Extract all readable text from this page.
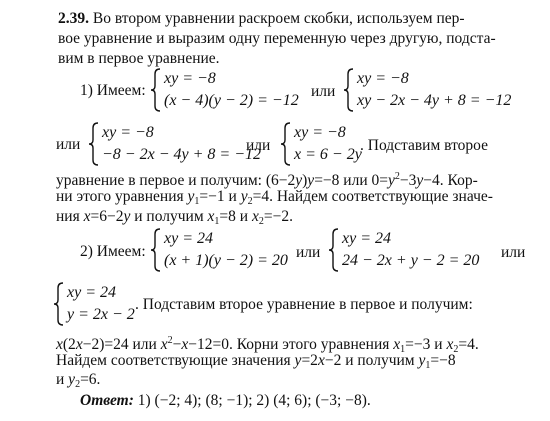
2.39. Во втором уравнении раскроем скобки, используем пер-
вое уравнение и выразим одну переменную через другую, подста-
вим в первое уравнение.
1) Имеем:
xy = −8
(x − 4)(y − 2) = −12
или
xy = −8
xy − 2x − 4y + 8 = −12
или
xy = −8
−8 − 2x − 4y + 8 = −12
или
xy = −8
x = 6 − 2y
. Подставим второе
уравнение в первое и получим: (6−2y)y=−8 или $0=y^2-3y-4$. Кор-
ни этого уравнения $y_1=-1$ и $y_2=4$. Найдем соответствующие значе-
ния x=6−2y и получим $x_1=8$ и $x_2=-2$.
2) Имеем:
xy = 24
(x + 1)(y − 2) = 20 или
xy = 24
24 − 2x + y − 2 = 20 или
xy = 24
y = 2x − 2
. Подставим второе уравнение в первое и получим:
x(2x−2)=24 или $x^2-x-12=0$. Корни этого уравнения $x_1=-3$ и $x_2=4$.
Найдем соответствующие значения y=2x−2 и получим $y_1=-8$
и $y_2=6$.
Ответ: 1) (−2; 4); (8; −1); 2) (4; 6); (−3; −8).
